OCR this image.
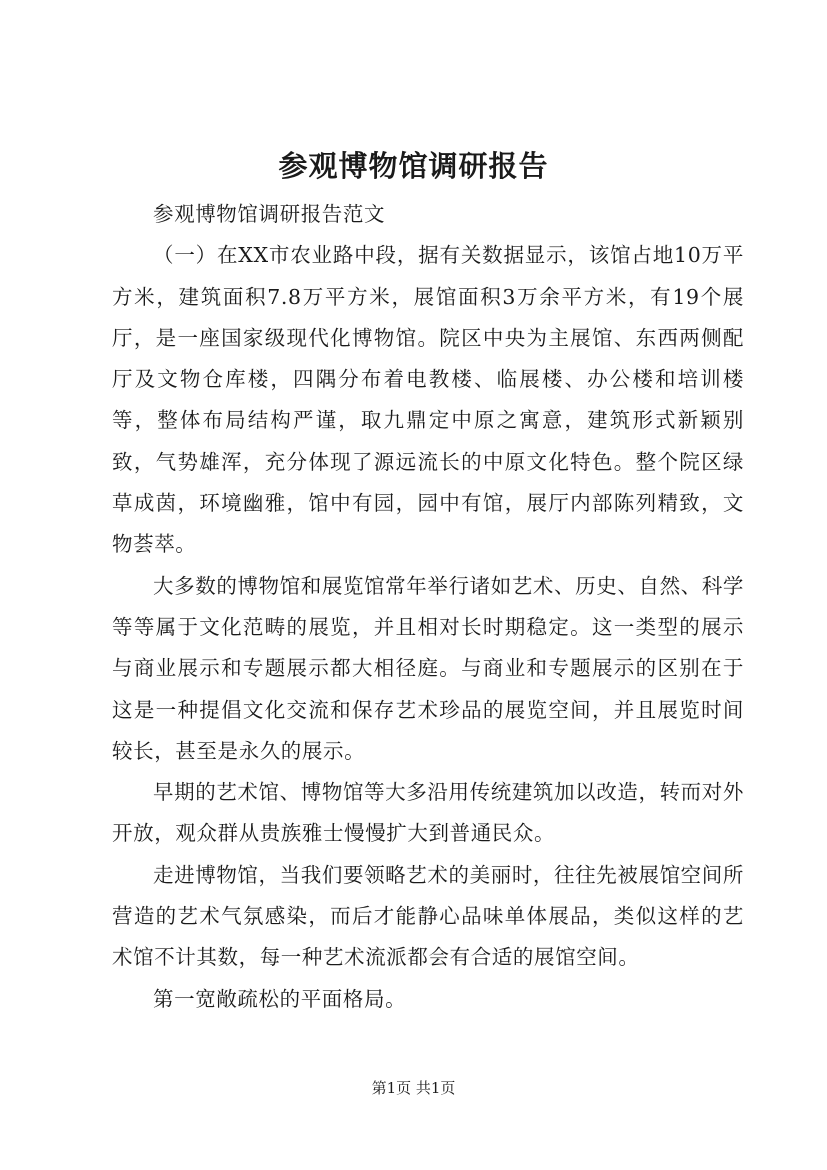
参观博物馆调研报告

参观博物馆调研报告范文

（一）在XX市农业路中段，据有关数据显示，该馆占地10万平方米，建筑面积7.8万平方米，展馆面积3万余平方米，有19个展厅，是一座国家级现代化博物馆。院区中央为主展馆、东西两侧配厅及文物仓库楼，四隅分布着电教楼、临展楼、办公楼和培训楼等，整体布局结构严谨，取九鼎定中原之寓意，建筑形式新颖别致，气势雄浑，充分体现了源远流长的中原文化特色。整个院区绿草成茵，环境幽雅，馆中有园，园中有馆，展厅内部陈列精致，文物荟萃。

大多数的博物馆和展览馆常年举行诸如艺术、历史、自然、科学等等属于文化范畴的展览，并且相对长时期稳定。这一类型的展示与商业展示和专题展示都大相径庭。与商业和专题展示的区别在于这是一种提倡文化交流和保存艺术珍品的展览空间，并且展览时间较长，甚至是永久的展示。

早期的艺术馆、博物馆等大多沿用传统建筑加以改造，转而对外开放，观众群从贵族雅士慢慢扩大到普通民众。

走进博物馆，当我们要领略艺术的美丽时，往往先被展馆空间所营造的艺术气氛感染，而后才能静心品味单体展品，类似这样的艺术馆不计其数，每一种艺术流派都会有合适的展馆空间。

第一宽敞疏松的平面格局。

第1页 共1页
